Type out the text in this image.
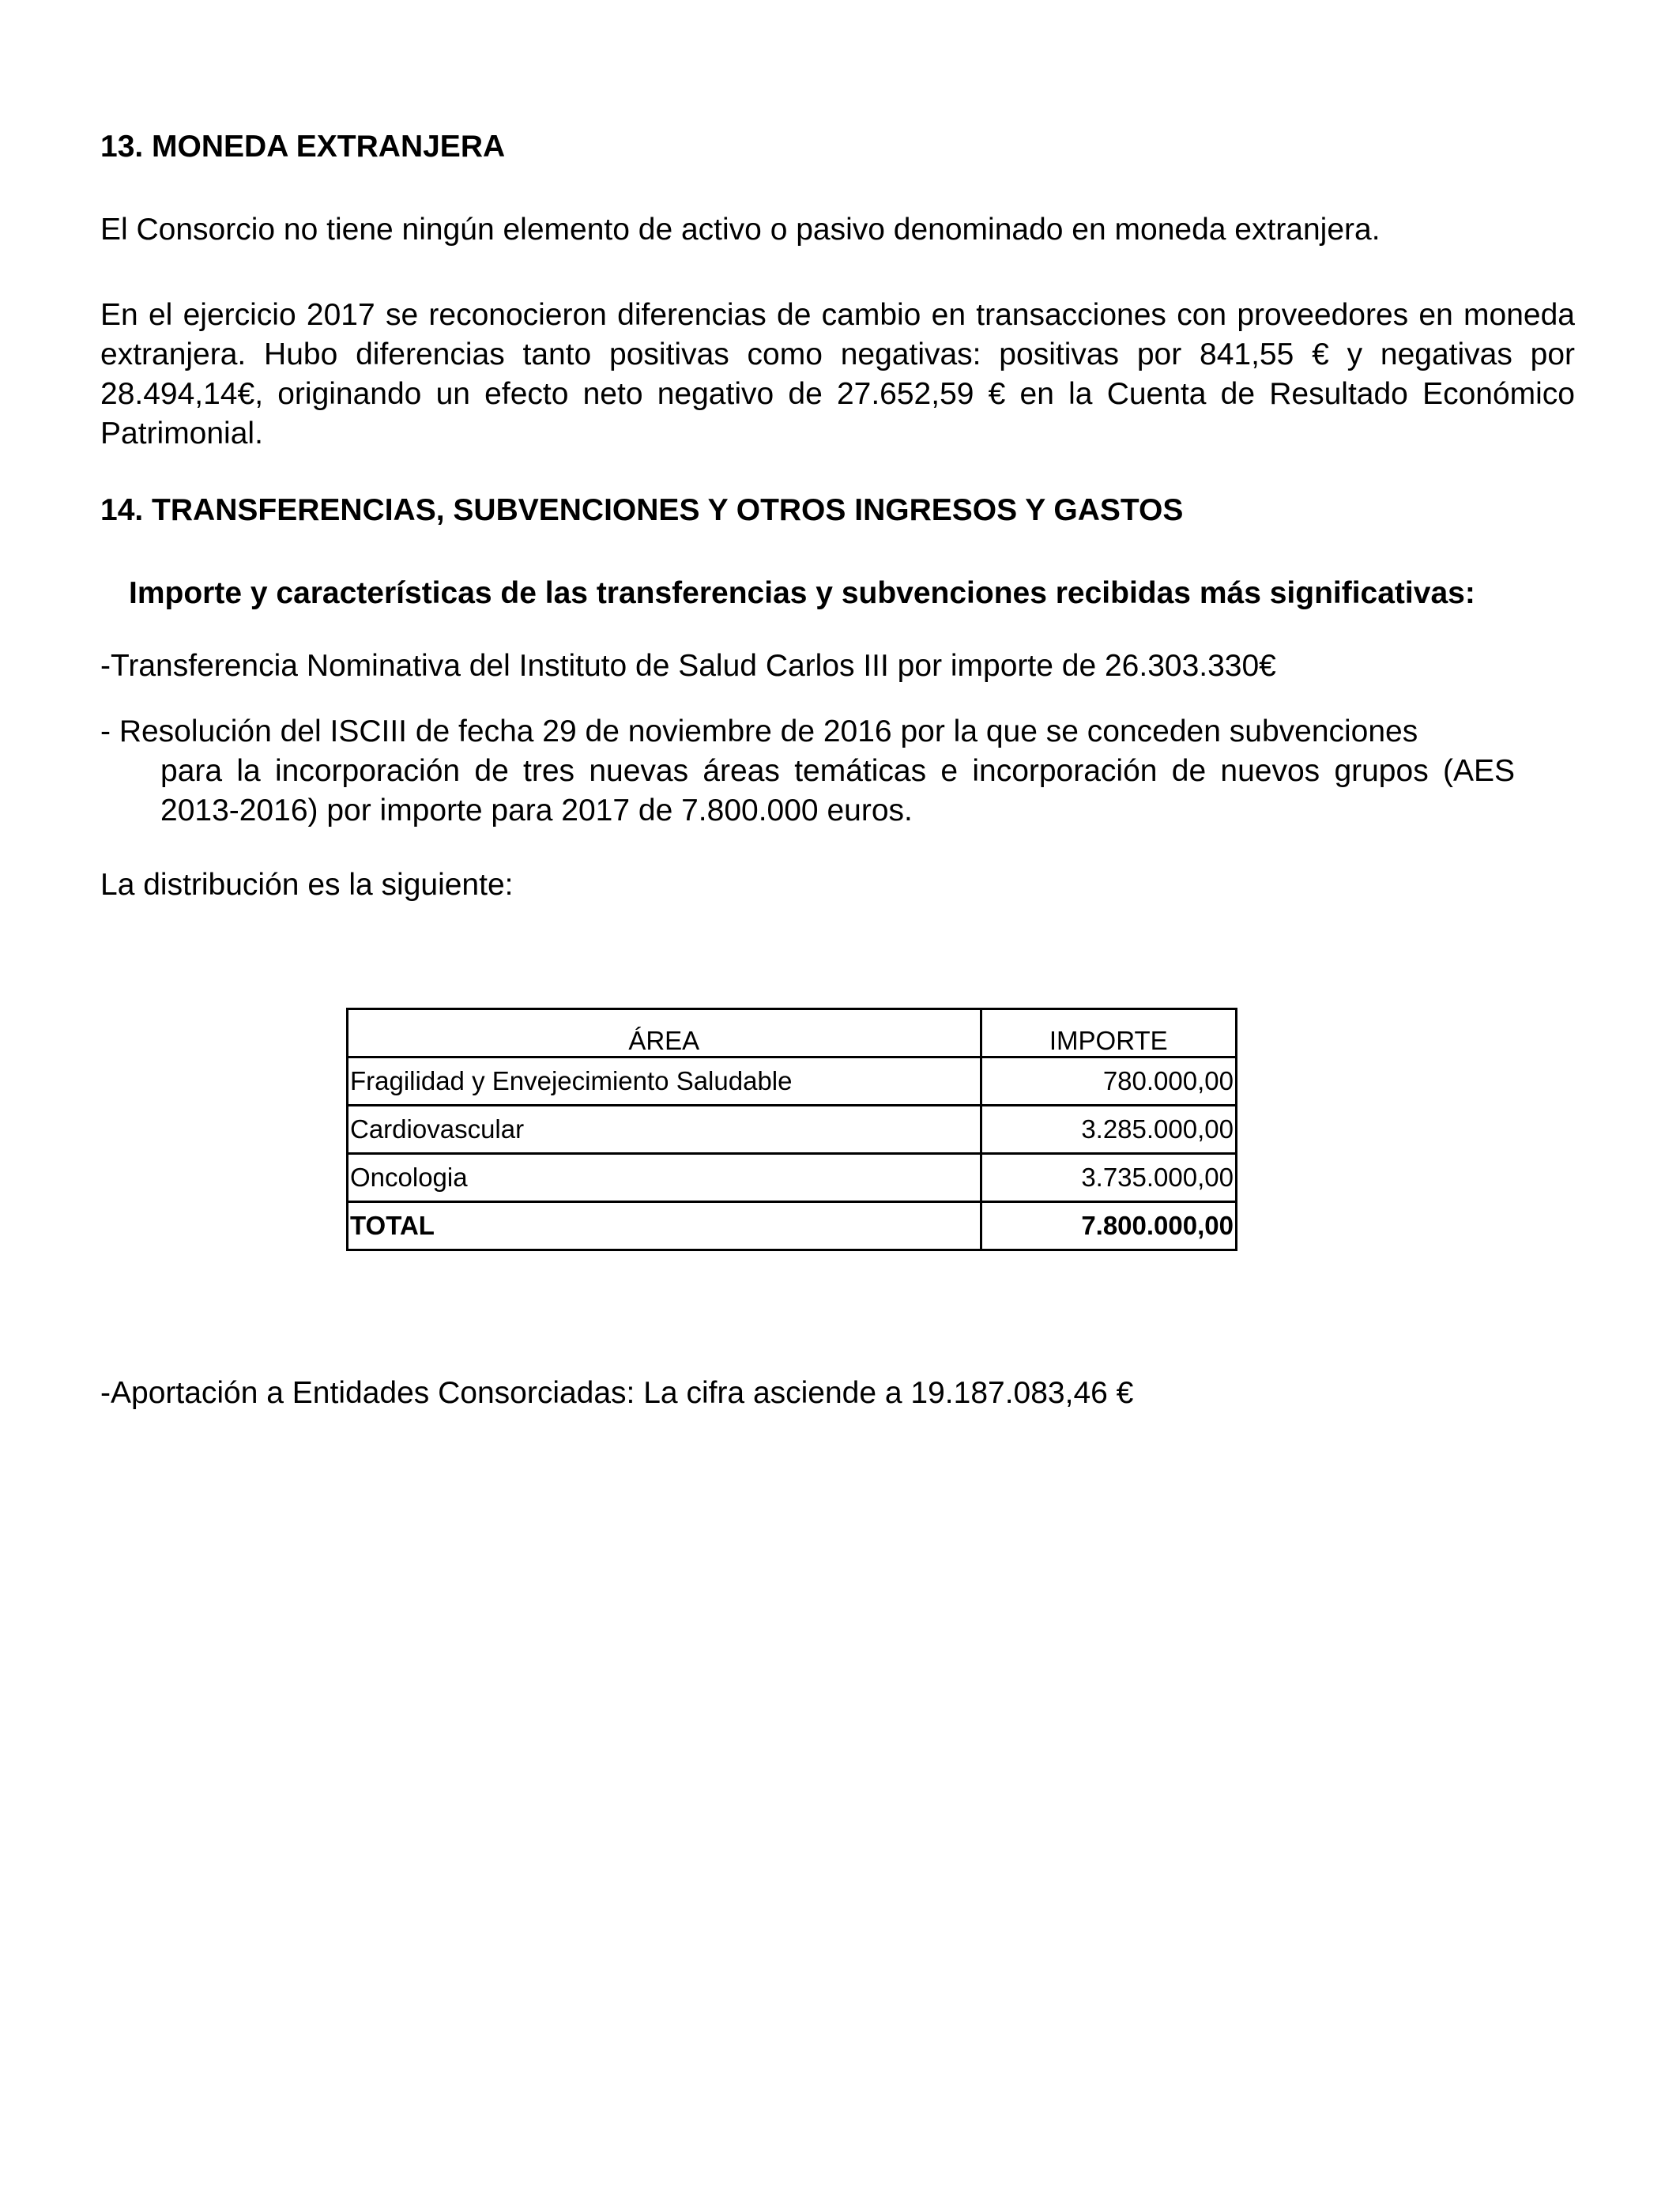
13. MONEDA EXTRANJERA
El Consorcio no tiene ningún elemento de activo o pasivo denominado en moneda extranjera.
En el ejercicio 2017 se reconocieron diferencias de cambio en transacciones con proveedores en moneda extranjera. Hubo diferencias tanto positivas como negativas: positivas por 841,55 € y negativas por 28.494,14€, originando un efecto neto negativo de 27.652,59 € en la Cuenta de Resultado Económico Patrimonial.
14. TRANSFERENCIAS, SUBVENCIONES Y OTROS INGRESOS Y GASTOS
Importe y características de las transferencias y subvenciones recibidas más significativas:
-Transferencia Nominativa del Instituto de Salud Carlos III por importe de 26.303.330€
- Resolución del ISCIII de fecha 29 de noviembre de 2016 por la que se conceden subvenciones
para la incorporación de tres nuevas áreas temáticas e incorporación de nuevos grupos (AES 2013-2016) por importe para 2017 de 7.800.000 euros.
La distribución es la siguiente:
ÁREA	IMPORTE
Fragilidad y Envejecimiento Saludable	780.000,00
Cardiovascular	3.285.000,00
Oncologia	3.735.000,00
TOTAL	7.800.000,00
-Aportación a Entidades Consorciadas: La cifra asciende a 19.187.083,46 €
